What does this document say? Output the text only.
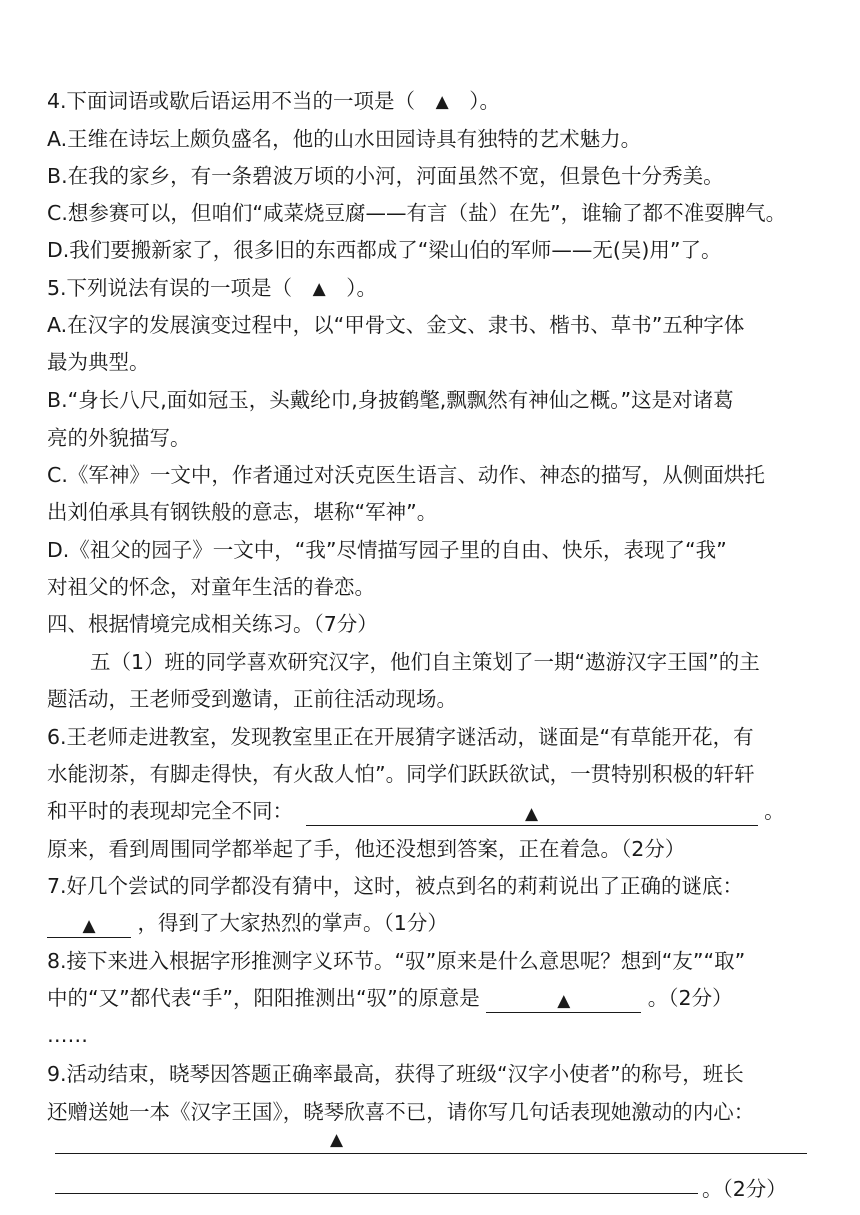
4.下面词语或歇后语运用不当的一项是（ ▲ ）。
A.王维在诗坛上颇负盛名，他的山水田园诗具有独特的艺术魅力。
B.在我的家乡，有一条碧波万顷的小河，河面虽然不宽，但景色十分秀美。
C.想参赛可以，但咱们“咸菜烧豆腐——有言（盐）在先”，谁输了都不准耍脾气。
D.我们要搬新家了，很多旧的东西都成了“梁山伯的军师——无(吴)用”了。
5.下列说法有误的一项是（ ▲ ）。
A.在汉字的发展演变过程中，以“甲骨文、金文、隶书、楷书、草书”五种字体
最为典型。
B.“身长八尺,面如冠玉，头戴纶巾,身披鹤氅,飘飘然有神仙之概。”这是对诸葛
亮的外貌描写。
C.《军神》一文中，作者通过对沃克医生语言、动作、神态的描写，从侧面烘托
出刘伯承具有钢铁般的意志，堪称“军神”。
D.《祖父的园子》一文中，“我”尽情描写园子里的自由、快乐，表现了“我”
对祖父的怀念，对童年生活的眷恋。
四、根据情境完成相关练习。（7分）
五（1）班的同学喜欢研究汉字，他们自主策划了一期“遨游汉字王国”的主
题活动，王老师受到邀请，正前往活动现场。
6.王老师走进教室，发现教室里正在开展猜字谜活动，谜面是“有草能开花，有
水能沏茶，有脚走得快，有火敌人怕”。同学们跃跃欲试，一贯特别积极的轩轩
和平时的表现却完全不同：	▲	。
原来，看到周围同学都举起了手，他还没想到答案，正在着急。（2分）
7.好几个尝试的同学都没有猜中，这时，被点到名的莉莉说出了正确的谜底：
▲ ，得到了大家热烈的掌声。（1分）
8.接下来进入根据字形推测字义环节。“驭”原来是什么意思呢？想到“友”“取”
中的“又”都代表“手”，阳阳推测出“驭”的原意是	▲	。（2分）
……
9.活动结束，晓琴因答题正确率最高，获得了班级“汉字小使者”的称号，班长
还赠送她一本《汉字王国》，晓琴欣喜不已，请你写几句话表现她激动的内心：
▲
。（2分）
